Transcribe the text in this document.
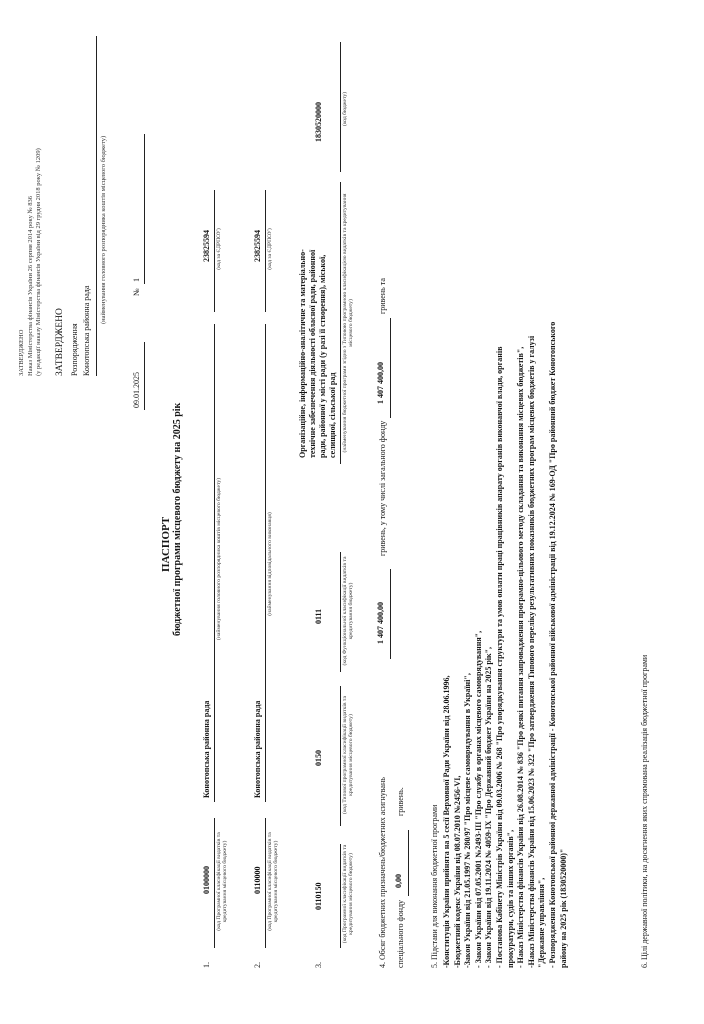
ЗАТВЕРДЖЕНО Наказ Міністерства фінансів України 26 серпня 2014 року № 836 (у редакції наказу Міністерства фінансів України від 29 грудня 2018 року № 1209) ЗАТВЕРДЖЕНО Розпорядження Конотопська районна рада
(найменування головного розпорядника коштів місцевого бюджету)
09.01.2025
№
1
ПАСПОРТ бюджетної програми місцевого бюджету на 2025 рік
1.
0100000 (код Програмної класифікації видатків та кредитування місцевого бюджету)
Конотопська районна рада
(найменування головного розпорядника коштів місцевого бюджету)
23825594 (код за ЄДРПОУ)
2.
0110000 (код Програмної класифікації видатків та кредитування місцевого бюджету)
Конотопська районна рада
(найменування відповідального виконавця)
23825594 (код за ЄДРПОУ)
3.
0110150	(код Програмної класифікації видатків та кредитування місцевого бюджету)
0150	(код Типової програмної класифікації видатків та кредитування місцевого бюджету)
0111	(код Функціональної класифікації видатків та кредитування бюджету)
Організаційне, інформаційно-аналітичне та матеріально- технічне забезпечення діяльності обласної ради, районної ради, районної у місті ради (у разі її створення), міської, селищної, сільської рад (найменування бюджетної програми згідно з Типовою програмною класифікацією видатків та кредитування місцевого бюджету)
1830520000	(код бюджету)
4. Обсяг бюджетних призначень/бюджетних асигнувань
1 407 400,00
гривень, у тому числі загального фонду
1 407 400,00
гривень та
спеціального фонду
0,00
гривень.
5. Підстави для виконання бюджетної програми -Конституція України прийнята на 5 сесії Верховної Ради України від 28.06.1996, -Бюджетний кодекс України від 08.07.2010 №2456-VI, -Закон України від 21.05.1997 № 280/97 "Про місцеве самоврядування в Україні", - Закон України від 07.05.2001 №2493-III "Про службу в органах місцевого самоврядування", - Закон України від 19.11.2024 № 4059-IX "Про Державний бюджет України на 2025 рік", - Постанова Кабінету Міністрів України від 09.03.2006 № 268 "Про упорядкування структури та умов оплати праці працівників апарату органів виконавчої влади, органів прокуратури, судів та інших органів", - Наказ Міністерства фінансів України від 26.08.2014 № 836 "Про деякі питання запровадження програмно-цільового методу складання та виконання місцевих бюджетів", -Наказ Міністерства фінансів України від 15.06.2023 № 322 "Про затвердження Типового переліку результативних показників бюджетних програм місцевих бюджетів у галузі "Державне управління", - Розпорядження Конотопської районної державної адміністрації - Конотопської районної військової адміністрації від 19.12.2024 № 169-ОД "Про районний бюджет Конотопського району на 2025 рік (1830520000)"	6. Цілі державної політики, на досягнення яких спрямована реалізація бюджетної програми
